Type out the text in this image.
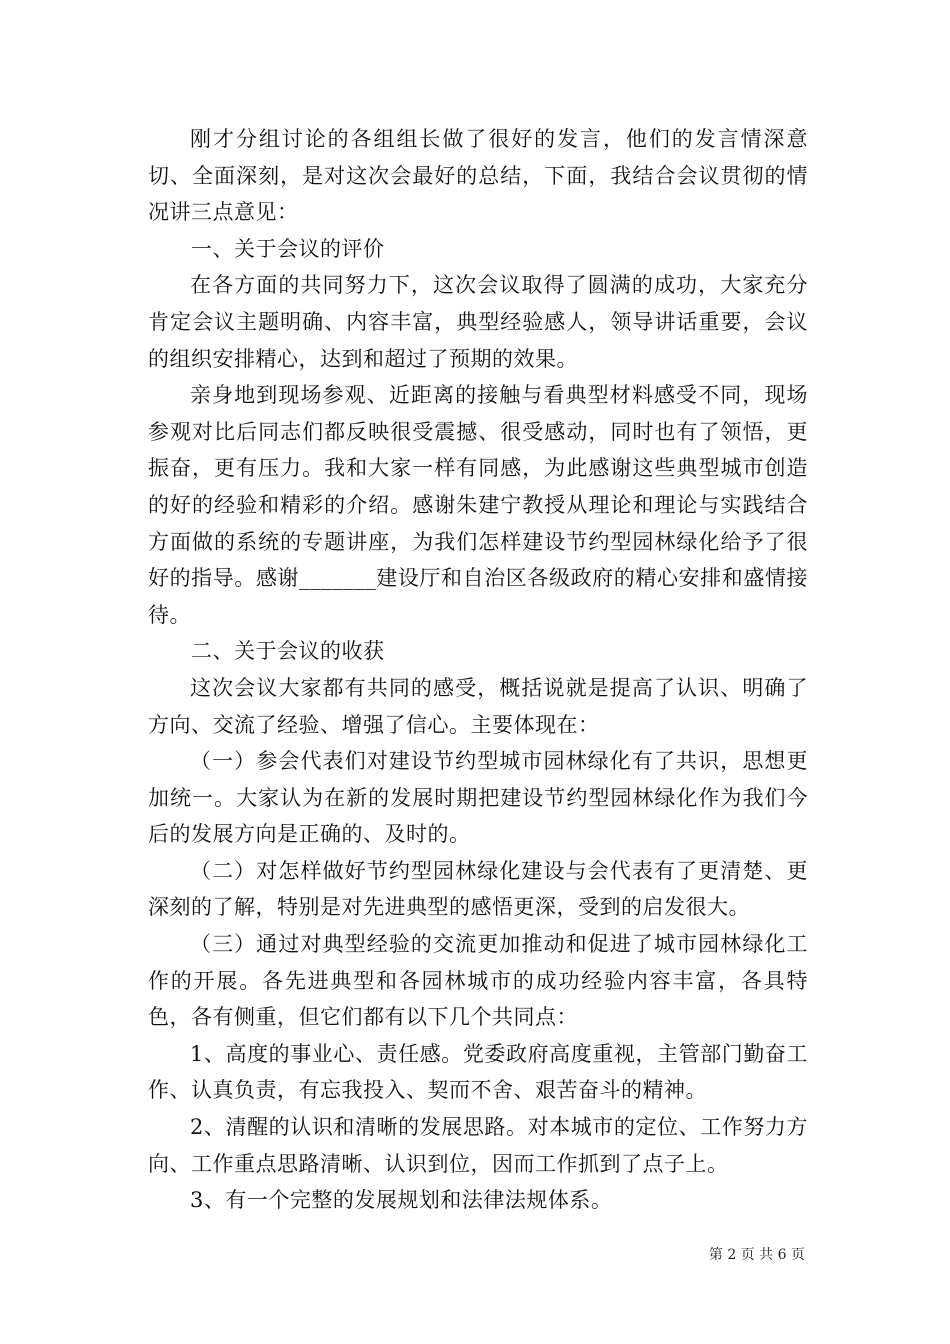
刚才分组讨论的各组组长做了很好的发言，他们的发言情深意切、全面深刻，是对这次会最好的总结，下面，我结合会议贯彻的情况讲三点意见：

一、关于会议的评价

在各方面的共同努力下，这次会议取得了圆满的成功，大家充分肯定会议主题明确、内容丰富，典型经验感人，领导讲话重要，会议的组织安排精心，达到和超过了预期的效果。

亲身地到现场参观、近距离的接触与看典型材料感受不同，现场参观对比后同志们都反映很受震撼、很受感动，同时也有了领悟，更振奋，更有压力。我和大家一样有同感，为此感谢这些典型城市创造的好的经验和精彩的介绍。感谢朱建宁教授从理论和理论与实践结合方面做的系统的专题讲座，为我们怎样建设节约型园林绿化给予了很好的指导。感谢_______建设厅和自治区各级政府的精心安排和盛情接待。

二、关于会议的收获

这次会议大家都有共同的感受，概括说就是提高了认识、明确了方向、交流了经验、增强了信心。主要体现在：

（一）参会代表们对建设节约型城市园林绿化有了共识，思想更加统一。大家认为在新的发展时期把建设节约型园林绿化作为我们今后的发展方向是正确的、及时的。

（二）对怎样做好节约型园林绿化建设与会代表有了更清楚、更深刻的了解，特别是对先进典型的感悟更深，受到的启发很大。

（三）通过对典型经验的交流更加推动和促进了城市园林绿化工作的开展。各先进典型和各园林城市的成功经验内容丰富，各具特色，各有侧重，但它们都有以下几个共同点：

1、高度的事业心、责任感。党委政府高度重视，主管部门勤奋工作、认真负责，有忘我投入、契而不舍、艰苦奋斗的精神。

2、清醒的认识和清晰的发展思路。对本城市的定位、工作努力方向、工作重点思路清晰、认识到位，因而工作抓到了点子上。

3、有一个完整的发展规划和法律法规体系。

第 2 页 共 6 页
